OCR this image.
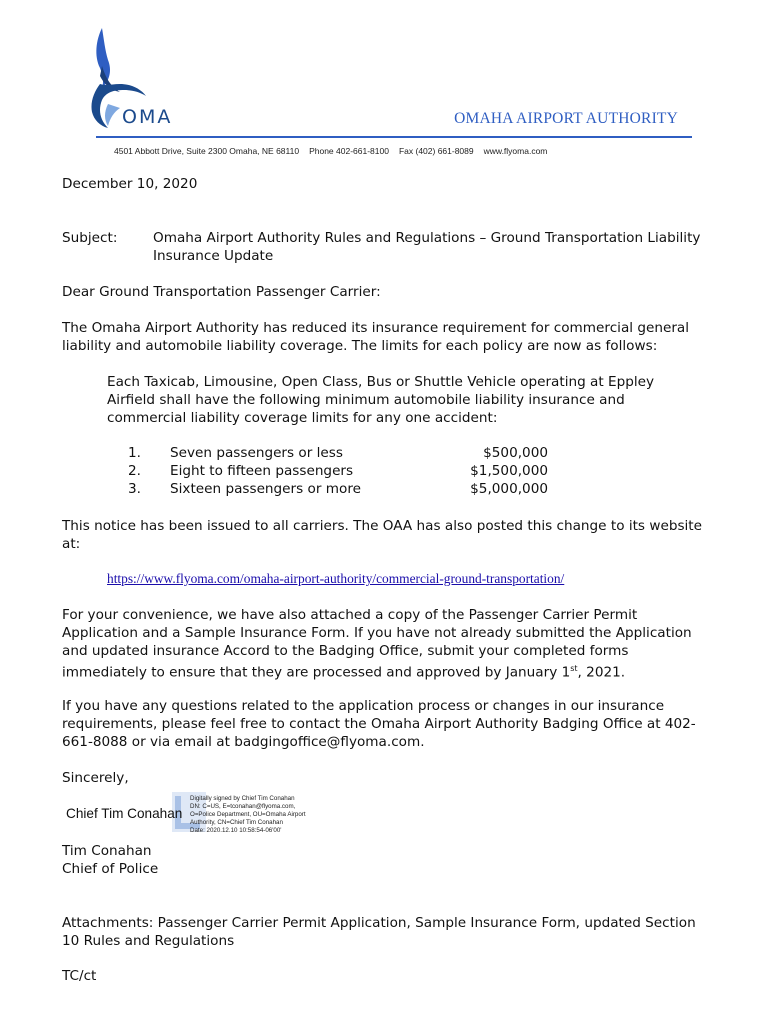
OMA	OMAHA AIRPORT AUTHORITY
4501 Abbott Drive, Suite 2300 Omaha, NE 68110 Phone 402-661-8100 Fax (402) 661-8089 www.flyoma.com
December 10, 2020
Subject:	Omaha Airport Authority Rules and Regulations – Ground Transportation Liability Insurance Update
Dear Ground Transportation Passenger Carrier:
The Omaha Airport Authority has reduced its insurance requirement for commercial general liability and automobile liability coverage. The limits for each policy are now as follows:
Each Taxicab, Limousine, Open Class, Bus or Shuttle Vehicle operating at Eppley Airfield shall have the following minimum automobile liability insurance and commercial liability coverage limits for any one accident:
1. Seven passengers or less	$500,000
2. Eight to fifteen passengers	$1,500,000
3. Sixteen passengers or more	$5,000,000
This notice has been issued to all carriers. The OAA has also posted this change to its website at:
https://www.flyoma.com/omaha-airport-authority/commercial-ground-transportation/
For your convenience, we have also attached a copy of the Passenger Carrier Permit Application and a Sample Insurance Form. If you have not already submitted the Application and updated insurance Accord to the Badging Office, submit your completed forms immediately to ensure that they are processed and approved by January 1st, 2021.
If you have any questions related to the application process or changes in our insurance requirements, please feel free to contact the Omaha Airport Authority Badging Office at 402-661-8088 or via email at badgingoffice@flyoma.com.
Sincerely,
Chief Tim Conahan
Digitally signed by Chief Tim Conahan
DN: C=US, E=tconahan@flyoma.com,
O=Police Department, OU=Omaha Airport
Authority, CN=Chief Tim Conahan
Date: 2020.12.10 10:58:54-06'00'
Tim Conahan
Chief of Police
Attachments: Passenger Carrier Permit Application, Sample Insurance Form, updated Section 10 Rules and Regulations
TC/ct
